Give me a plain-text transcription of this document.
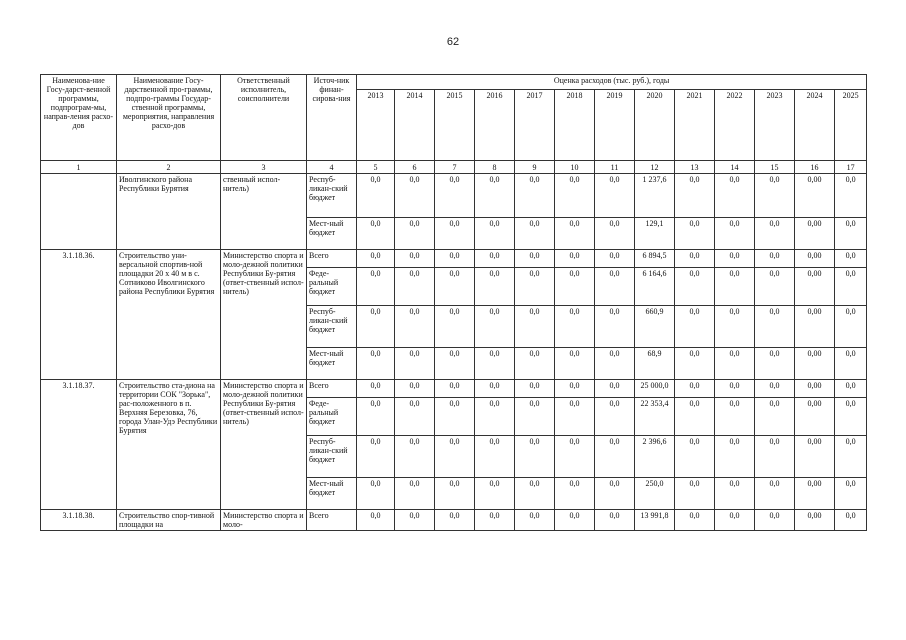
62
Наименова-ние Госу-дарст-венной программы, подпрограм-мы, направ-ления расхо-дов	Наименование Госу-дарственной про-граммы, подпро-граммы Государ-ственной программы, мероприятия, направления расхо-дов	Ответственный исполнитель, соисполнители	Источ-ник финан-сирова-ния	Оценка расходов (тыс. руб.), годы												
				2013	2014	2015	2016	2017	2018	2019	2020	2021	2022	2023	2024	2025
1	2	3	4	5	6	7	8	9	10	11	12	13	14	15	16	17
	Иволгинского района Республики Бурятия	ственный испол-нитель)	Респуб-ликан-ский бюджет	0,0	0,0	0,0	0,0	0,0	0,0	0,0	1 237,6	0,0	0,0	0,0	0,00	0,0
			Мест-ный бюджет	0,0	0,0	0,0	0,0	0,0	0,0	0,0	129,1	0,0	0,0	0,0	0,00	0,0
3.1.18.36.	Строительство уни-версальной спортив-ной площадки 20 х 40 м в с. Сотниково Иволгинского района Республики Бурятия	Министерство спорта и моло-дежной политики Республики Бу-рятия (ответ-ственный испол-нитель)	Всего	0,0	0,0	0,0	0,0	0,0	0,0	0,0	6 894,5	0,0	0,0	0,0	0,00	0,0
			Феде-ральный бюджет	0,0	0,0	0,0	0,0	0,0	0,0	0,0	6 164,6	0,0	0,0	0,0	0,00	0,0
			Респуб-ликан-ский бюджет	0,0	0,0	0,0	0,0	0,0	0,0	0,0	660,9	0,0	0,0	0,0	0,00	0,0
			Мест-ный бюджет	0,0	0,0	0,0	0,0	0,0	0,0	0,0	68,9	0,0	0,0	0,0	0,00	0,0
3.1.18.37.	Строительство ста-диона на территории СОК "Зорька", рас-положенного в п. Верхняя Березовка, 76, города Улан-Удэ Республики Бурятия	Министерство спорта и моло-дежной политики Республики Бу-рятия (ответ-ственный испол-нитель)	Всего	0,0	0,0	0,0	0,0	0,0	0,0	0,0	25 000,0	0,0	0,0	0,0	0,00	0,0
			Феде-ральный бюджет	0,0	0,0	0,0	0,0	0,0	0,0	0,0	22 353,4	0,0	0,0	0,0	0,00	0,0
			Респуб-ликан-ский бюджет	0,0	0,0	0,0	0,0	0,0	0,0	0,0	2 396,6	0,0	0,0	0,0	0,00	0,0
			Мест-ный бюджет	0,0	0,0	0,0	0,0	0,0	0,0	0,0	250,0	0,0	0,0	0,0	0,00	0,0
3.1.18.38.	Строительство спор-тивной площадки на	Министерство спорта и моло-	Всего	0,0	0,0	0,0	0,0	0,0	0,0	0,0	13 991,8	0,0	0,0	0,0	0,00	0,0
